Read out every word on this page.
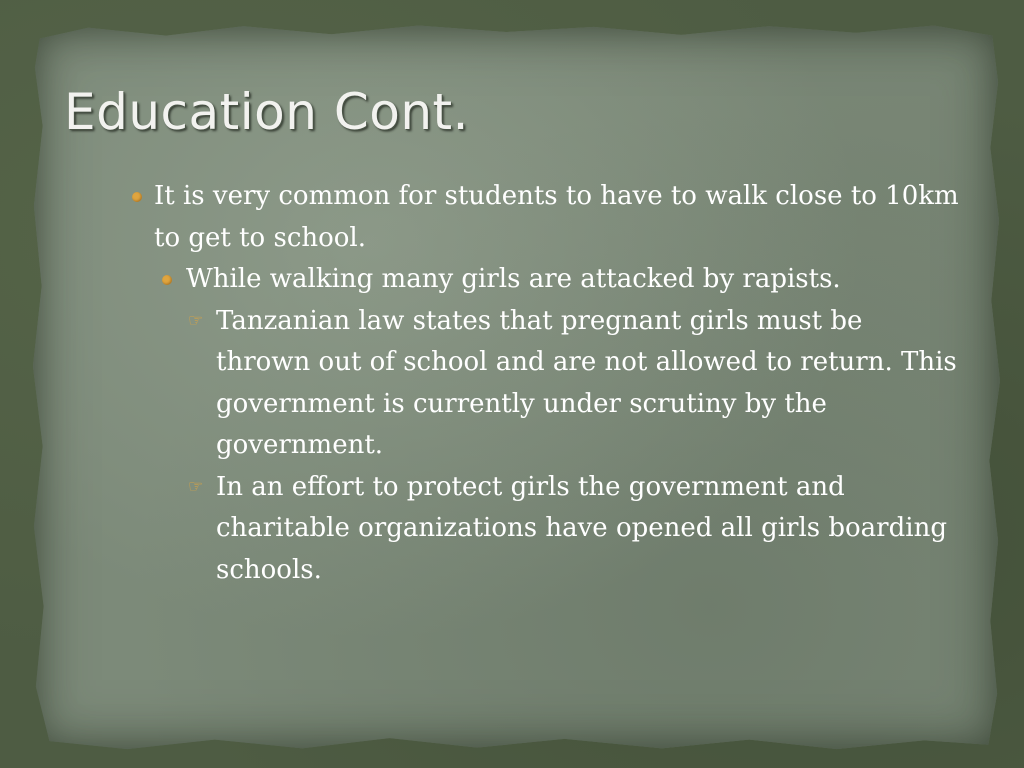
Education Cont.
It is very common for students to have to walk close to 10km to get to school.
While walking many girls are attacked by rapists.
☞ Tanzanian law states that pregnant girls must be thrown out of school and are not allowed to return. This government is currently under scrutiny by the government.
☞ In an effort to protect girls the government and charitable organizations have opened all girls boarding schools.
